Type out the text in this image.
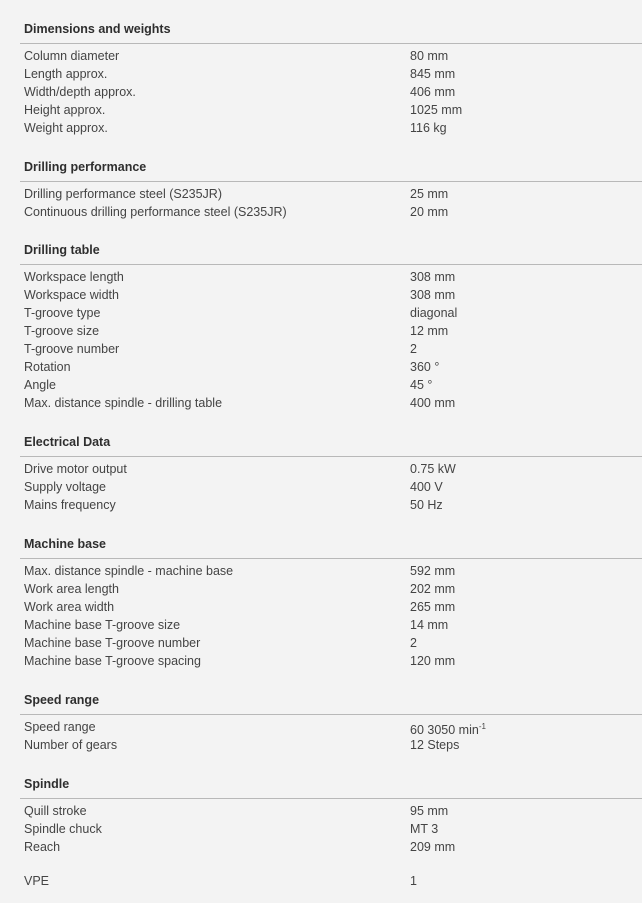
Dimensions and weights
Column diameter	80 mm
Length approx.	845 mm
Width/depth approx.	406 mm
Height approx.	1025 mm
Weight approx.	116 kg
Drilling performance
Drilling performance steel (S235JR)	25 mm
Continuous drilling performance steel (S235JR)	20 mm
Drilling table
Workspace length	308 mm
Workspace width	308 mm
T-groove type	diagonal
T-groove size	12 mm
T-groove number	2
Rotation	360 °
Angle	45 °
Max. distance spindle - drilling table	400 mm
Electrical Data
Drive motor output	0.75 kW
Supply voltage	400 V
Mains frequency	50 Hz
Machine base
Max. distance spindle - machine base	592 mm
Work area length	202 mm
Work area width	265 mm
Machine base T-groove size	14 mm
Machine base T-groove number	2
Machine base T-groove spacing	120 mm
Speed range
Speed range	60 3050 $\min^{-1}$
Number of gears	12 Steps
Spindle
Quill stroke	95 mm
Spindle chuck	MT 3
Reach	209 mm
VPE	1
